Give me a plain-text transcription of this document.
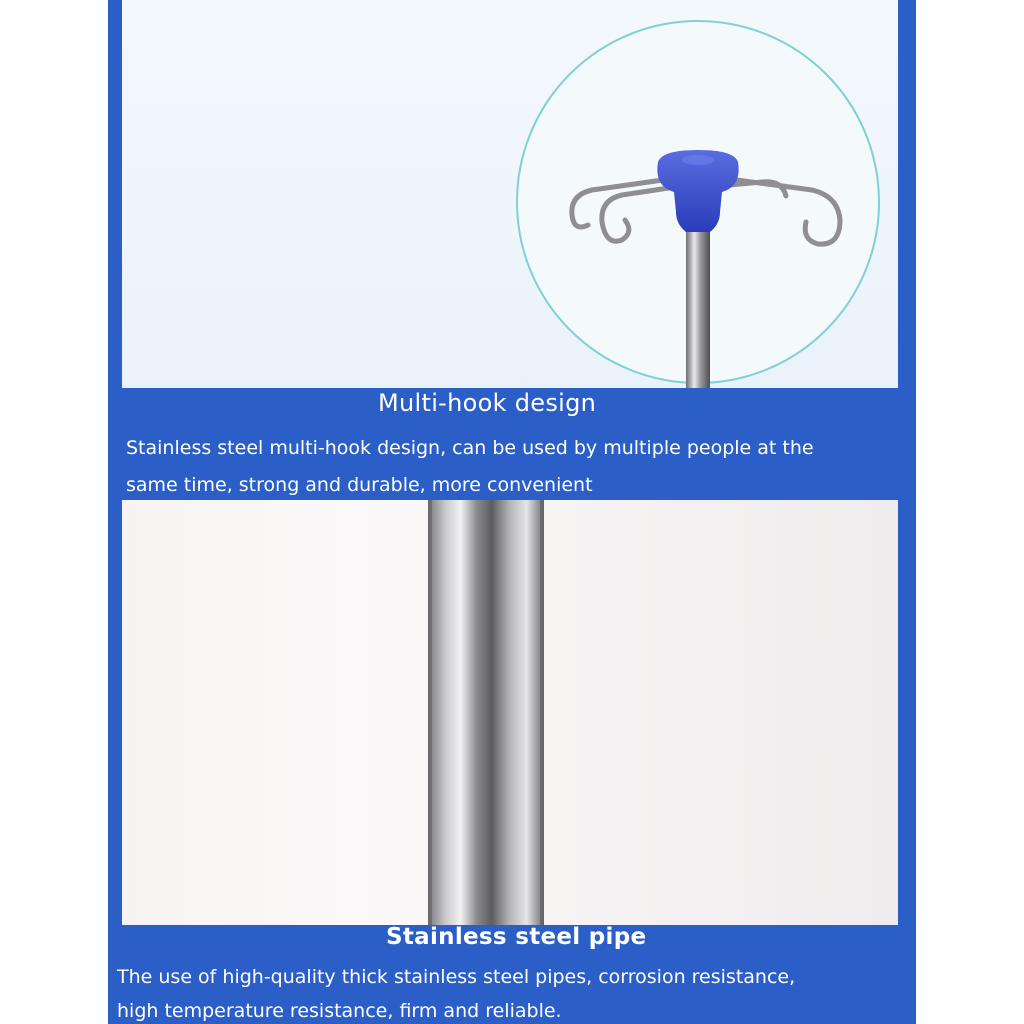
Multi-hook design
Stainless steel multi-hook design, can be used by multiple people at the
same time, strong and durable, more convenient
Stainless steel pipe
The use of high-quality thick stainless steel pipes, corrosion resistance,
high temperature resistance, firm and reliable.
